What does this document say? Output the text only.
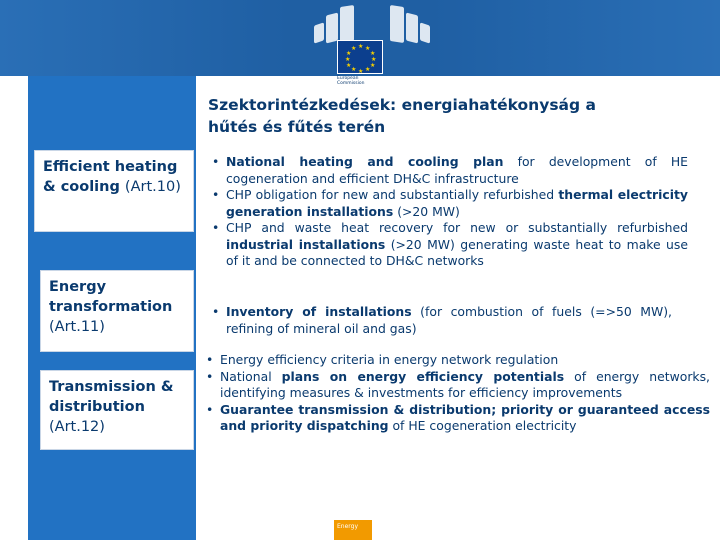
★ ★
★
★
★
★
★
★
★
★
★
★
European
Commission
Efficient heating & cooling (Art.10)
Energy transformation (Art.11)
Transmission & distribution (Art.12)
Szektorintézkedések: energiahatékonyság a
hűtés és fűtés terén
• National heating and cooling plan for development of HE cogeneration and efficient DH&C infrastructure
• CHP obligation for new and substantially refurbished thermal electricity generation installations (>20 MW)
• CHP and waste heat recovery for new or substantially refurbished industrial installations (>20 MW) generating waste heat to make use of it and be connected to DH&C networks
• Inventory of installations (for combustion of fuels (=>50 MW), refining of mineral oil and gas)
• Energy efficiency criteria in energy network regulation
• National plans on energy efficiency potentials of energy networks, identifying measures & investments for efficiency improvements
• Guarantee transmission & distribution; priority or guaranteed access and priority dispatching of HE cogeneration electricity
Energy
